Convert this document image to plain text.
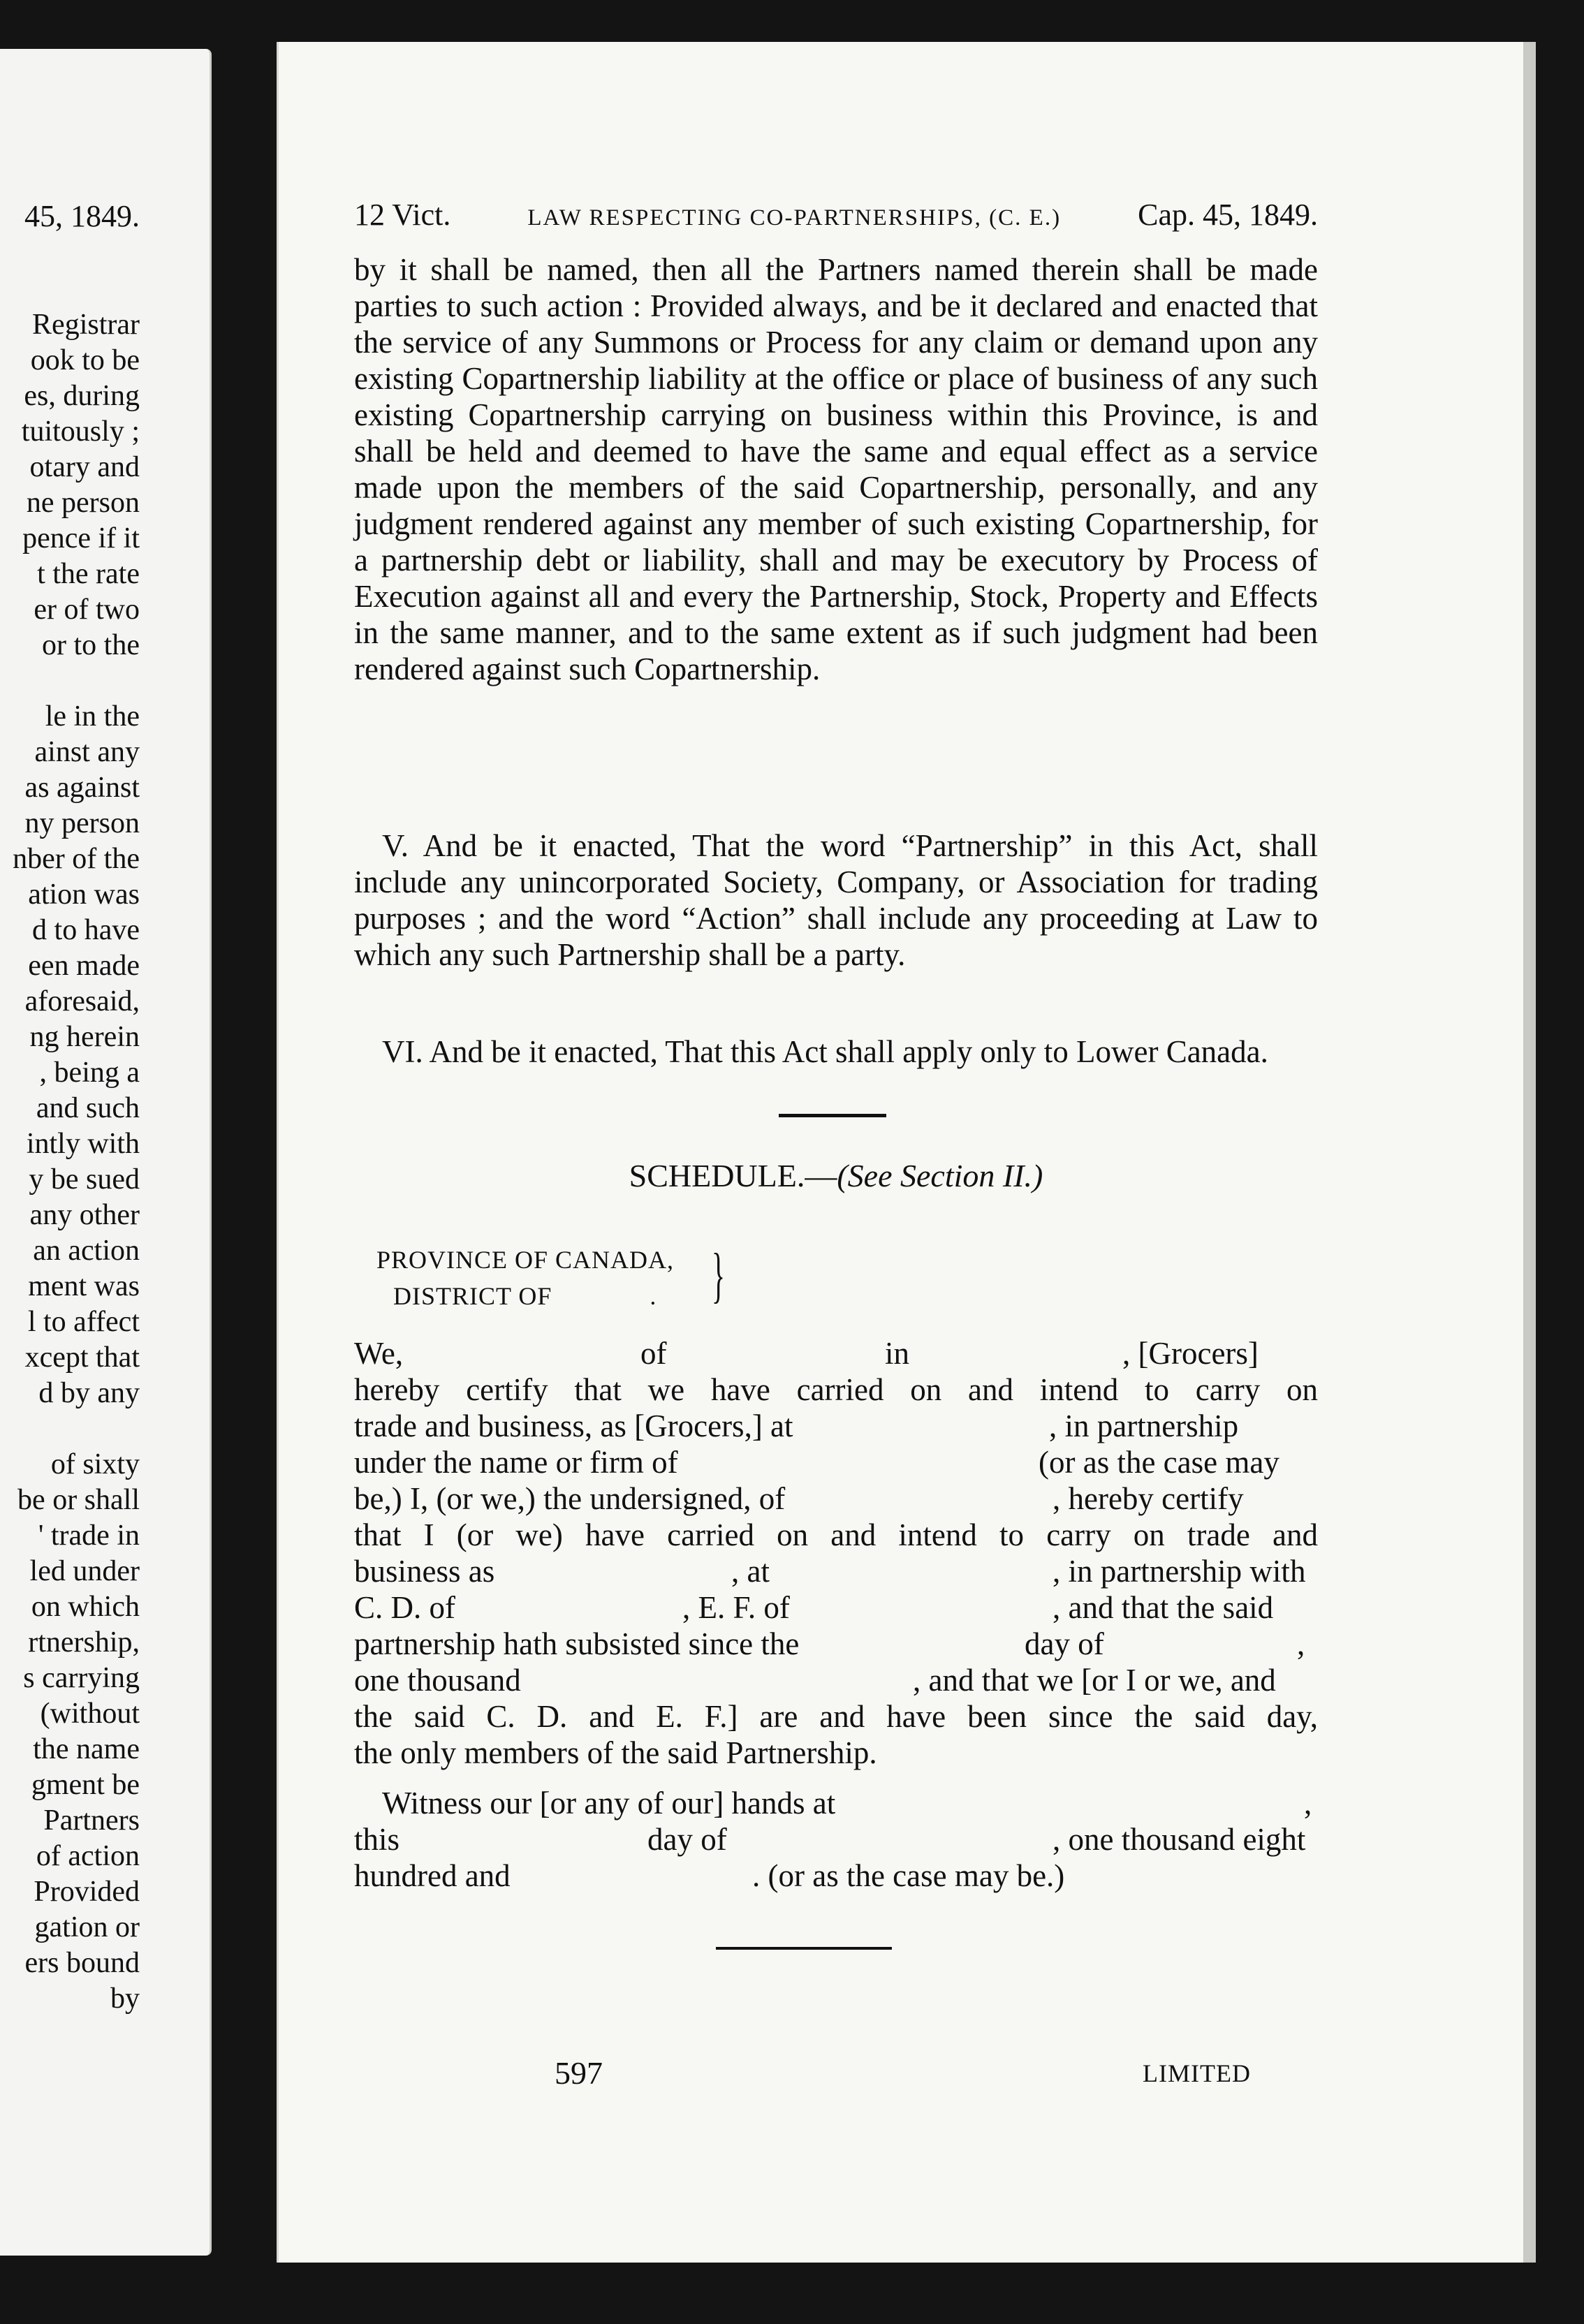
45, 1849.
Registrar
ook to be
es, during
tuitously ;
otary and
ne person
pence if it
t the rate
er of two
or to the
le in the
ainst any
as against
ny person
nber of the
ation was
d to have
een made
aforesaid,
ng herein
, being a
and such
intly with
y be sued
any other
an action
ment was
l to affect
xcept that
d by any
of sixty
be or shall
' trade in
led under
on which
rtnership,
s carrying
(without
the name
gment be
Partners
of action
Provided
gation or
ers bound
by
12 Vict.	LAW RESPECTING CO-PARTNERSHIPS, (C. E.)	Cap. 45, 1849.

by it shall be named, then all the Partners named therein shall be made parties to such action : Provided always, and be it declared and enacted that the service of any Summons or Process for any claim or demand upon any existing Copartnership liability at the office or place of business of any such existing Copartnership carrying on business within this Province, is and shall be held and deemed to have the same and equal effect as a service made upon the members of the said Copartnership, personally, and any judgment rendered against any member of such existing Copartnership, for a partnership debt or liability, shall and may be executory by Process of Execution against all and every the Partnership, Stock, Property and Effects in the same manner, and to the same extent as if such judgment had been rendered against such Copartnership.

V. And be it enacted, That the word “Partnership” in this Act, shall include any unincorporated Society, Company, or Association for trading purposes ; and the word “Action” shall include any proceeding at Law to which any such Partnership shall be a party.

VI. And be it enacted, That this Act shall apply only to Lower Canada.

SCHEDULE.—(See Section II.)
PROVINCE OF CANADA,
DISTRICT OF	. }
We,	of	in	, [Grocers]
hereby certify that we have carried on and intend to carry on
trade and business, as [Grocers,] at	, in partnership
under the name or firm of	(or as the case may
be,) I, (or we,) the undersigned, of	, hereby certify
that I (or we) have carried on and intend to carry on trade and
business as	, at	, in partnership with
C. D. of	, E. F. of	, and that the said
partnership hath subsisted since the	day of	,
one thousand	, and that we [or I or we, and
the said C. D. and E. F.] are and have been since the said day,
the only members of the said Partnership.
Witness our [or any of our] hands at	,
this	day of	, one thousand eight
hundred and	. (or as the case may be.)
597	LIMITED
